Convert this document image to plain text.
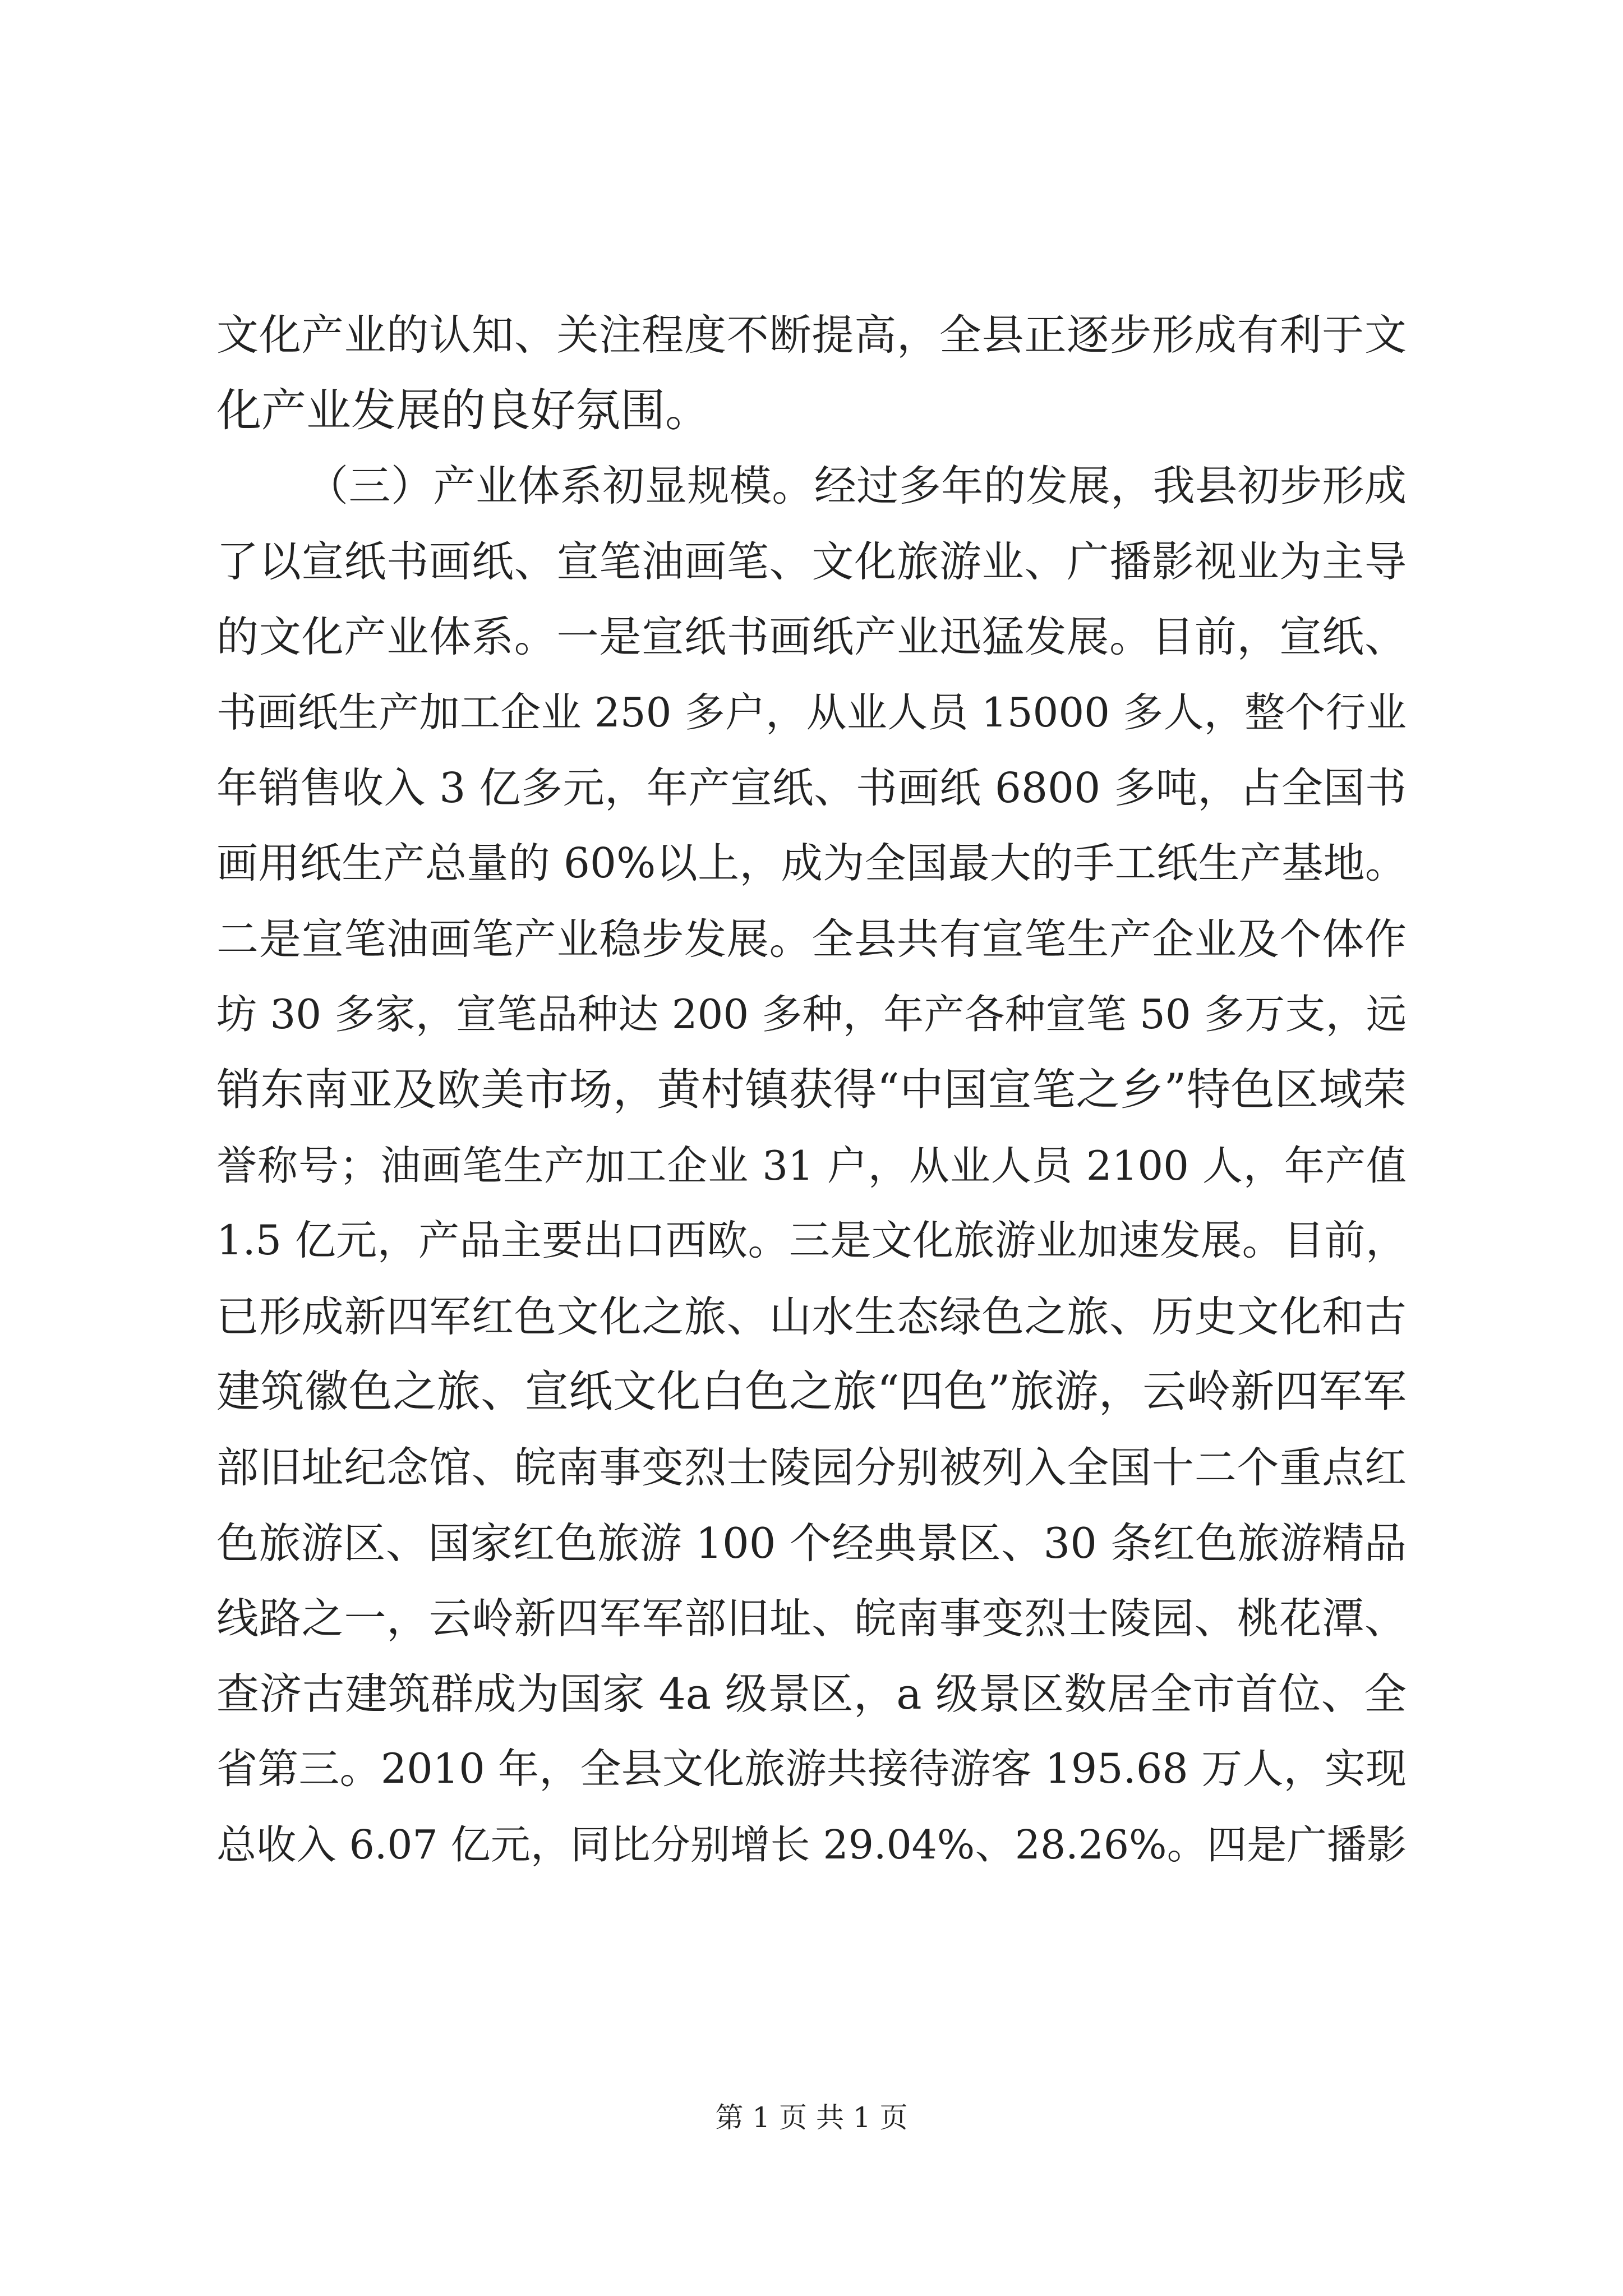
文化产业的认知、关注程度不断提高，全县正逐步形成有利于文
化产业发展的良好氛围。
（三）产业体系初显规模。经过多年的发展，我县初步形成
了以宣纸书画纸、宣笔油画笔、文化旅游业、广播影视业为主导
的文化产业体系。一是宣纸书画纸产业迅猛发展。目前，宣纸、
书画纸生产加工企业 250 多户，从业人员 15000 多人，整个行业
年销售收入 3 亿多元，年产宣纸、书画纸 6800 多吨，占全国书
画用纸生产总量的 60%以上，成为全国最大的手工纸生产基地。
二是宣笔油画笔产业稳步发展。全县共有宣笔生产企业及个体作
坊 30 多家，宣笔品种达 200 多种，年产各种宣笔 50 多万支，远
销东南亚及欧美市场，黄村镇获得“中国宣笔之乡”特色区域荣
誉称号；油画笔生产加工企业 31 户，从业人员 2100 人，年产值
1.5 亿元，产品主要出口西欧。三是文化旅游业加速发展。目前，
已形成新四军红色文化之旅、山水生态绿色之旅、历史文化和古
建筑徽色之旅、宣纸文化白色之旅“四色”旅游，云岭新四军军
部旧址纪念馆、皖南事变烈士陵园分别被列入全国十二个重点红
色旅游区、国家红色旅游 100 个经典景区、30 条红色旅游精品
线路之一，云岭新四军军部旧址、皖南事变烈士陵园、桃花潭、
查济古建筑群成为国家 4a 级景区，a 级景区数居全市首位、全
省第三。2010 年，全县文化旅游共接待游客 195.68 万人，实现
总收入 6.07 亿元，同比分别增长 29.04%、28.26%。四是广播影
第 1 页 共 1 页
